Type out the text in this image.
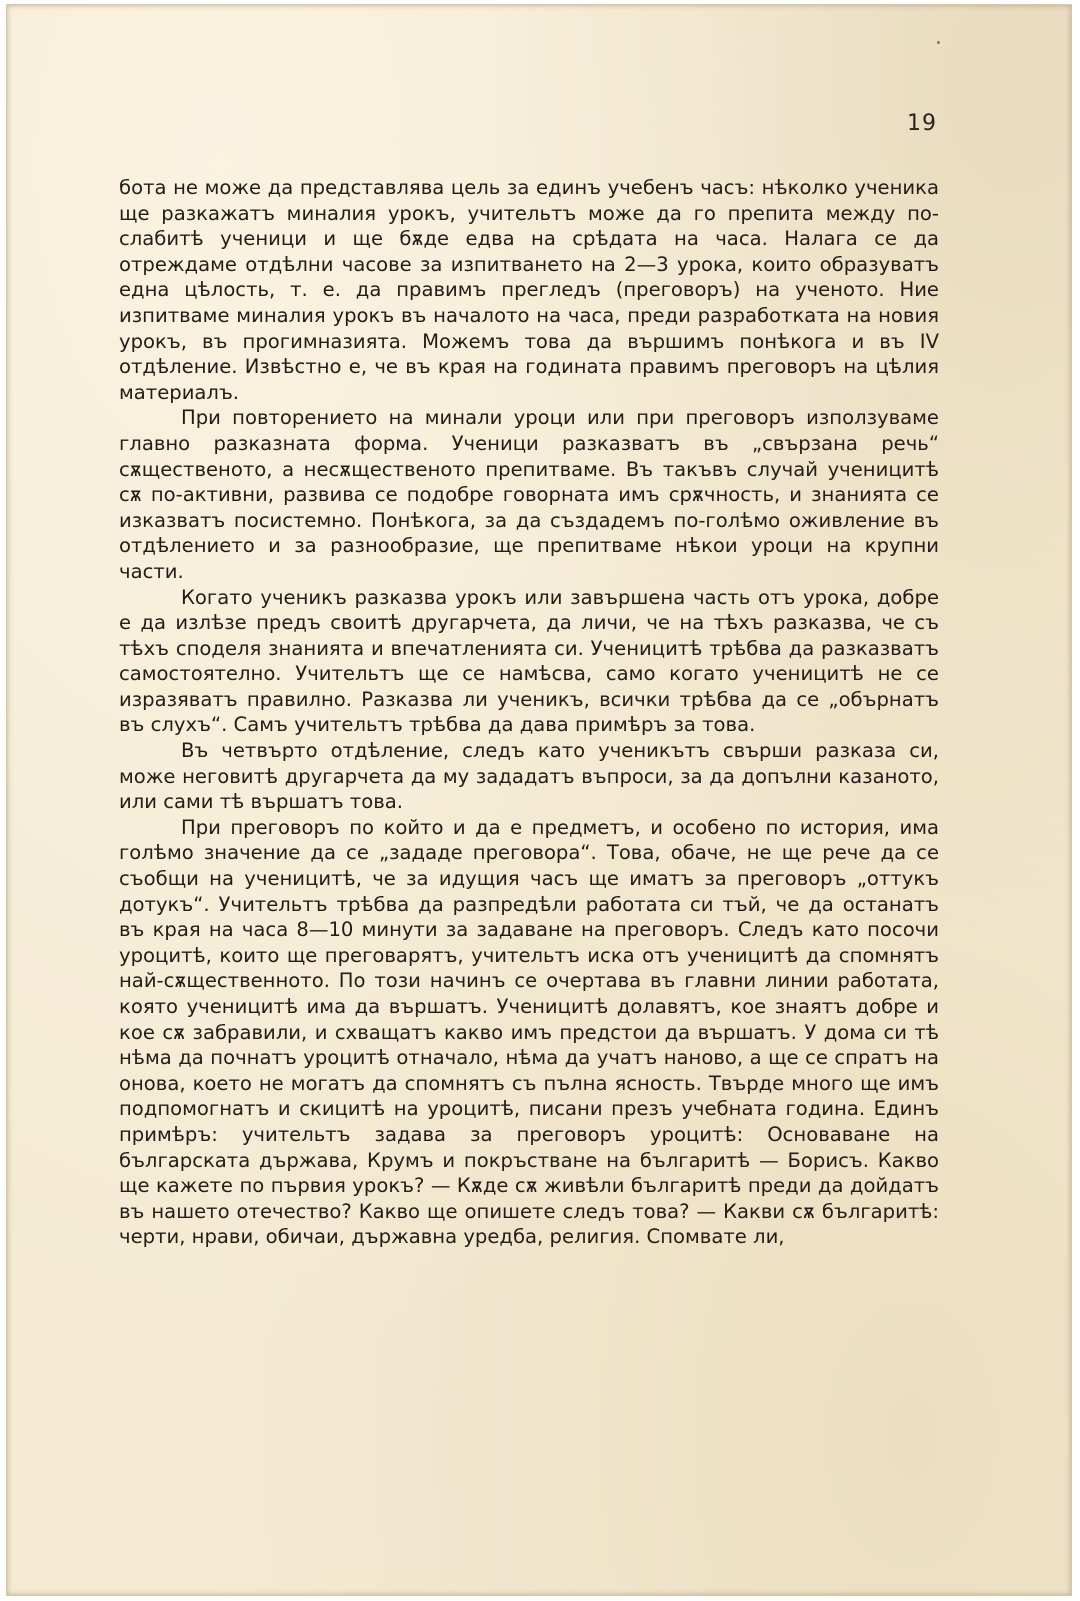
19

бота не може да представлява цель за единъ учебенъ часъ: нѣколко ученика ще разкажатъ миналия урокъ, учительтъ може да го препита между по-слабитѣ ученици и ще бѫде едва на срѣдата на часа. Налага се да отреждаме отдѣлни часове за изпитването на 2—3 урока, които образуватъ една цѣлость, т. е. да правимъ прегледъ (преговоръ) на ученото. Ние изпитваме миналия урокъ въ началото на часа, преди разработката на новия урокъ, въ прогимназията. Можемъ това да вършимъ понѣкога и въ IV отдѣление. Извѣстно е, че въ края на годината правимъ преговоръ на цѣлия материалъ.

При повторението на минали уроци или при преговоръ използуваме главно разказната форма. Ученици разказватъ въ „свързана речь“ сѫщественото, а несѫщественото препитваме. Въ такъвъ случай ученицитѣ сѫ по-активни, развива се подобре говорната имъ срѫчность, и знанията се изказватъ посистемно. Понѣкога, за да създадемъ по-голѣмо оживление въ отдѣлението и за разнообразие, ще препитваме нѣкои уроци на крупни части.

Когато ученикъ разказва урокъ или завършена часть отъ урока, добре е да излѣзе предъ своитѣ другарчета, да личи, че на тѣхъ разказва, че съ тѣхъ споделя знанията и впечатленията си. Ученицитѣ трѣбва да разказватъ самостоятелно. Учительтъ ще се намѣсва, само когато ученицитѣ не се изразяватъ правилно. Разказва ли ученикъ, всички трѣбва да се „обърнатъ въ слухъ“. Самъ учительтъ трѣбва да дава примѣръ за това.

Въ четвърто отдѣление, следъ като ученикътъ свърши разказа си, може неговитѣ другарчета да му зададатъ въпроси, за да допълни казаното, или сами тѣ вършатъ това.

При преговоръ по който и да е предметъ, и особено по история, има голѣмо значение да се „зададе преговора“. Това, обаче, не ще рече да се съобщи на ученицитѣ, че за идущия часъ ще иматъ за преговоръ „оттукъ дотукъ“. Учительтъ трѣбва да разпредѣли работата си тъй, че да останатъ въ края на часа 8—10 минути за задаване на преговоръ. Следъ като посочи уроцитѣ, които ще преговарятъ, учительтъ иска отъ ученицитѣ да спомнятъ най-сѫщественното. По този начинъ се очертава въ главни линии работата, която ученицитѣ има да вършатъ. Ученицитѣ долавятъ, кое знаятъ добре и кое сѫ забравили, и схващатъ какво имъ предстои да вършатъ. У дома си тѣ нѣма да почнатъ уроцитѣ отначало, нѣма да учатъ наново, а ще се спратъ на онова, което не могатъ да спомнятъ съ пълна ясность. Твърде много ще имъ подпомогнатъ и скицитѣ на уроцитѣ, писани презъ учебната година. Единъ примѣръ: учительтъ задава за преговоръ уроцитѣ: Основаване на българската държава, Крумъ и покръстване на българитѣ — Борисъ. Какво ще кажете по първия урокъ? — Кѫде сѫ живѣли българитѣ преди да дойдатъ въ нашето отечество? Какво ще опишете следъ това? — Какви сѫ българитѣ: черти, нрави, обичаи, държавна уредба, религия. Спомвате ли,
